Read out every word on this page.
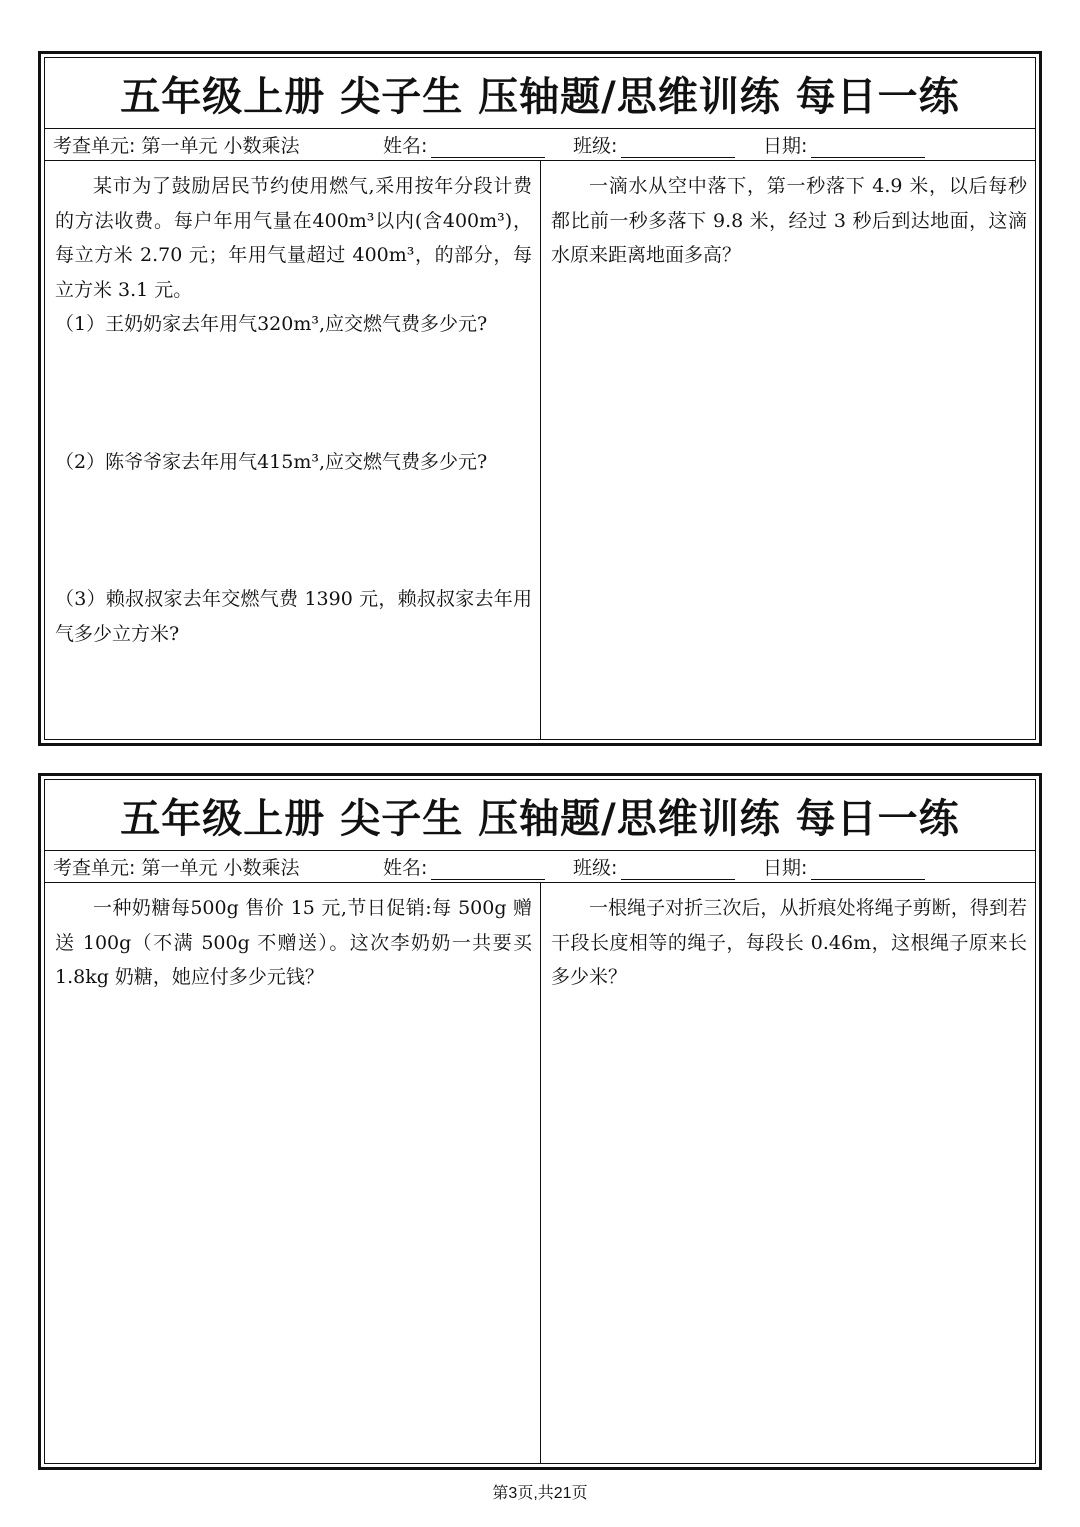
五年级上册 尖子生 压轴题/思维训练 每日一练
考查单元: 第一单元 小数乘法	姓名:	班级:	日期:

某市为了鼓励居民节约使用燃气,采用按年分段计费的方法收费。每户年用气量在400m³以内(含400m³)，每立方米 2.70 元；年用气量超过 400m³，的部分，每立方米 3.1 元。

（1）王奶奶家去年用气320m³,应交燃气费多少元?

（2）陈爷爷家去年用气415m³,应交燃气费多少元?

（3）赖叔叔家去年交燃气费 1390 元，赖叔叔家去年用气多少立方米?

一滴水从空中落下，第一秒落下 4.9 米，以后每秒都比前一秒多落下 9.8 米，经过 3 秒后到达地面，这滴水原来距离地面多高？

五年级上册 尖子生 压轴题/思维训练 每日一练
考查单元: 第一单元 小数乘法	姓名:	班级:	日期:

一种奶糖每500g 售价 15 元,节日促销:每 500g 赠送 100g（不满 500g 不赠送）。这次李奶奶一共要买 1.8kg 奶糖，她应付多少元钱？

一根绳子对折三次后，从折痕处将绳子剪断，得到若干段长度相等的绳子，每段长 0.46m，这根绳子原来长多少米？

第3页,共21页
